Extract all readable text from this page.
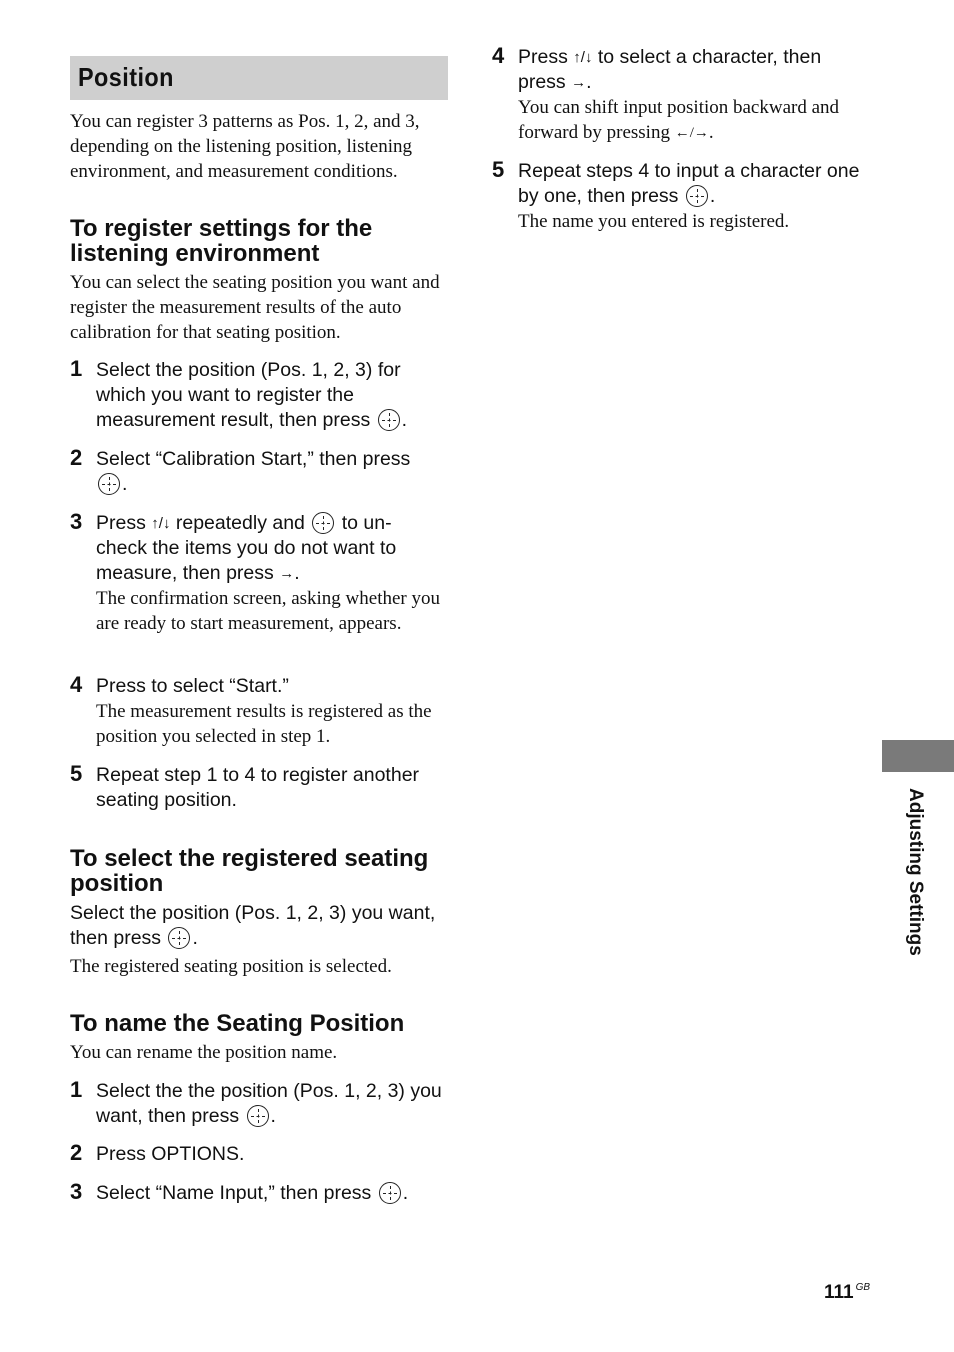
Position
You can register 3 patterns as Pos. 1, 2, and 3, depending on the listening position, listening environment, and measurement conditions.
To register settings for the
listening environment
You can select the seating position you want and register the measurement results of the auto calibration for that seating position.
1 Select the position (Pos. 1, 2, 3) for which you want to register the measurement result, then press .
2 Select “Calibration Start,” then press
.
3 Press ↑/↓ repeatedly and to un-check the items you do not want to measure, then press →.
The confirmation screen, asking whether you are ready to start measurement, appears.
4 Press to select “Start.”
The measurement results is registered as the position you selected in step 1.
5 Repeat step 1 to 4 to register another seating position.
To select the registered seating
position
Select the position (Pos. 1, 2, 3) you want, then press .
The registered seating position is selected.
To name the Seating Position
You can rename the position name.
1 Select the the position (Pos. 1, 2, 3) you want, then press .
2 Press OPTIONS.
3 Select “Name Input,” then press .
4 Press ↑/↓ to select a character, then press →.
You can shift input position backward and forward by pressing ←/→.
5 Repeat steps 4 to input a character one by one, then press .
The name you entered is registered.
Adjusting Settings
111 $^{GB}$
